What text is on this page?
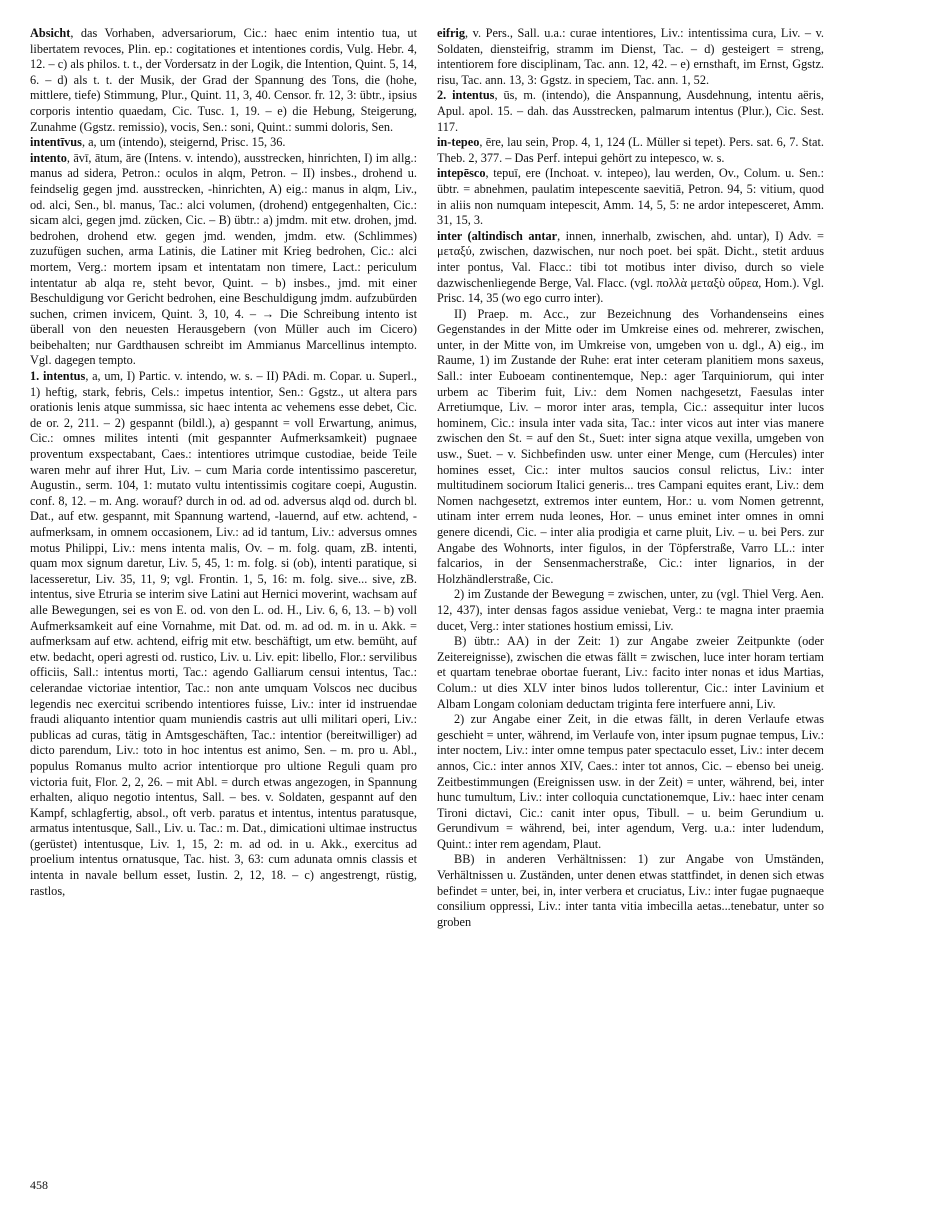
Absicht, das Vorhaben, adversariorum, Cic.: haec enim intentio tua, ut libertatem revoces, Plin. ep.: cogitationes et intentiones cordis, Vulg. Hebr. 4, 12. – c) als philos. t. t., der Vordersatz in der Logik, die Intention, Quint. 5, 14, 6. – d) als t. t. der Musik, der Grad der Spannung des Tons, die (hohe, mittlere, tiefe) Stimmung, Plur., Quint. 11, 3, 40. Censor. fr. 12, 3: übtr., ipsius corporis intentio quaedam, Cic. Tusc. 1, 19. – e) die Hebung, Steigerung, Zunahme (Ggstz. remissio), vocis, Sen.: soni, Quint.: summi doloris, Sen.

intentīvus, a, um (intendo), steigernd, Prisc. 15, 36.

intento, āvī, ātum, āre (Intens. v. intendo), ausstrecken, hinrichten, I) im allg.: manus ad sidera, Petron.: oculos in alqm, Petron. – II) insbes., drohend u. feindselig gegen jmd. ausstrecken, -hinrichten, A) eig.: manus in alqm, Liv., od. alci, Sen., bl. manus, Tac.: alci volumen, (drohend) entgegenhalten, Cic.: sicam alci, gegen jmd. zücken, Cic. – B) übtr.: a) jmdm. mit etw. drohen, jmd. bedrohen, drohend etw. gegen jmd. wenden, jmdm. etw. (Schlimmes) zuzufügen suchen, arma Latinis, die Latiner mit Krieg bedrohen, Cic.: alci mortem, Verg.: mortem ipsam et intentatam non timere, Lact.: periculum intentatur ab alqa re, steht bevor, Quint. – b) insbes., jmd. mit einer Beschuldigung vor Gericht bedrohen, eine Beschuldigung jmdm. aufzubürden suchen, crimen invicem, Quint. 3, 10, 4. – → Die Schreibung intento ist überall von den neuesten Herausgebern (von Müller auch im Cicero) beibehalten; nur Gardthausen schreibt im Ammianus Marcellinus intempto. Vgl. dagegen tempto.

1. intentus, a, um, I) Partic. v. intendo, w. s. – II) PAdi. m. Copar. u. Superl., 1) heftig, stark, febris, Cels.: impetus intentior, Sen.: Ggstz., ut altera pars orationis lenis atque summissa, sic haec intenta ac vehemens esse debet, Cic. de or. 2, 211. – 2) gespannt (bildl.), a) gespannt = voll Erwartung, animus, Cic.: omnes milites intenti (mit gespannter Aufmerksamkeit) pugnaee proventum exspectabant, Caes.: intentiores utrimque custodiae, beide Teile waren mehr auf ihrer Hut, Liv. – cum Maria corde intentissimo pasceretur, Augustin., serm. 104, 1: mutato vultu intentissimis cogitare coepi, Augustin. conf. 8, 12. – m. Ang. worauf? durch in od. ad od. adversus alqd od. durch bl. Dat., auf etw. gespannt, mit Spannung wartend, -lauernd, auf etw. achtend, -aufmerksam, in omnem occasionem, Liv.: ad id tantum, Liv.: adversus omnes motus Philippi, Liv.: mens intenta malis, Ov. – m. folg. quam, zB. intenti, quam mox signum daretur, Liv. 5, 45, 1: m. folg. si (ob), intenti paratique, si lacesseretur, Liv. 35, 11, 9; vgl. Frontin. 1, 5, 16: m. folg. sive... sive, zB. intentus, sive Etruria se interim sive Latini aut Hernici moverint, wachsam auf alle Bewegungen, sei es von E. od. von den L. od. H., Liv. 6, 6, 13. – b) voll Aufmerksamkeit auf eine Vornahme, mit Dat. od. m. ad od. m. in u. Akk. = aufmerksam auf etw. achtend, eifrig mit etw. beschäftigt, um etw. bemüht, auf etw. bedacht, operi agresti od. rustico, Liv. u. Liv. epit: libello, Flor.: servilibus officiis, Sall.: intentus morti, Tac.: agendo Galliarum censui intentus, Tac.: celerandae victoriae intentior, Tac.: non ante umquam Volscos nec ducibus legendis nec exercitui scribendo intentiores fuisse, Liv.: inter id instruendae fraudi aliquanto intentior quam muniendis castris aut ulli militari operi, Liv.: publicas ad curas, tätig in Amtsgeschäften, Tac.: intentior (bereitwilliger) ad dicto parendum, Liv.: toto in hoc intentus est animo, Sen. – m. pro u. Abl., populus Romanus multo acrior intentiorque pro ultione Reguli quam pro victoria fuit, Flor. 2, 2, 26. – mit Abl. = durch etwas angezogen, in Spannung erhalten, aliquo negotio intentus, Sall. – bes. v. Soldaten, gespannt auf den Kampf, schlagfertig, absol., oft verb. paratus et intentus, intentus paratusque, armatus intentusque, Sall., Liv. u. Tac.: m. Dat., dimicationi ultimae instructus (gerüstet) intentusque, Liv. 1, 15, 2: m. ad od. in u. Akk., exercitus ad proelium intentus ornatusque, Tac. hist. 3, 63: cum adunata omnis classis et intenta in navale bellum esset, Iustin. 2, 12, 18. – c) angestrengt, rüstig, rastlos,

eifrig, v. Pers., Sall. u.a.: curae intentiores, Liv.: intentissima cura, Liv. – v. Soldaten, diensteifrig, stramm im Dienst, Tac. – d) gesteigert = streng, intentiorem fore disciplinam, Tac. ann. 12, 42. – e) ernsthaft, im Ernst, Ggstz. risu, Tac. ann. 13, 3: Ggstz. in speciem, Tac. ann. 1, 52.

2. intentus, ūs, m. (intendo), die Anspannung, Ausdehnung, intentu aëris, Apul. apol. 15. – dah. das Ausstrecken, palmarum intentus (Plur.), Cic. Sest. 117.

in-tepeo, ēre, lau sein, Prop. 4, 1, 124 (L. Müller si tepet). Pers. sat. 6, 7. Stat. Theb. 2, 377. – Das Perf. intepui gehört zu intepesco, w. s.

intepēsco, tepuī, ere (Inchoat. v. intepeo), lau werden, Ov., Colum. u. Sen.: übtr. = abnehmen, paulatim intepescente saevitiā, Petron. 94, 5: vitium, quod in aliis non numquam intepescit, Amm. 14, 5, 5: ne ardor intepesceret, Amm. 31, 15, 3.

inter (altindisch antar, innen, innerhalb, zwischen, ahd. untar), I) Adv. = μεταξύ, zwischen, dazwischen, nur noch poet. bei spät. Dicht., stetit arduus inter pontus, Val. Flacc.: tibi tot motibus inter diviso, durch so viele dazwischenliegende Berge, Val. Flacc. (vgl. πολλὰ μεταξὺ οὔρεα, Hom.). Vgl. Prisc. 14, 35 (wo ego curro inter).

II) Praep. m. Acc., zur Bezeichnung des Vorhandenseins eines Gegenstandes in der Mitte oder im Umkreise eines od. mehrerer, zwischen, unter, in der Mitte von, im Umkreise von, umgeben von u. dgl., A) eig., im Raume, 1) im Zustande der Ruhe: erat inter ceteram planitiem mons saxeus, Sall.: inter Euboeam continentemque, Nep.: ager Tarquiniorum, qui inter urbem ac Tiberim fuit, Liv.: dem Nomen nachgesetzt, Faesulas inter Arretiumque, Liv. – moror inter aras, templa, Cic.: assequitur inter lucos hominem, Cic.: insula inter vada sita, Tac.: inter vicos aut inter vias manere zwischen den St. = auf den St., Suet: inter signa atque vexilla, umgeben von usw., Suet. – v. Sichbefinden usw. unter einer Menge, cum (Hercules) inter homines esset, Cic.: inter multos saucios consul relictus, Liv.: inter multitudinem sociorum Italici generis... tres Campani equites erant, Liv.: dem Nomen nachgesetzt, extremos inter euntem, Hor.: u. vom Nomen getrennt, utinam inter errem nuda leones, Hor. – unus eminet inter omnes in omni genere dicendi, Cic. – inter alia prodigia et carne pluit, Liv. – u. bei Pers. zur Angabe des Wohnorts, inter figulos, in der Töpferstraße, Varro LL.: inter falcarios, in der Sensenmacherstraße, Cic.: inter lignarios, in der Holzhändlerstraße, Cic.

2) im Zustande der Bewegung = zwischen, unter, zu (vgl. Thiel Verg. Aen. 12, 437), inter densas fagos assidue veniebat, Verg.: te magna inter praemia ducet, Verg.: inter stationes hostium emissi, Liv.

B) übtr.: AA) in der Zeit: 1) zur Angabe zweier Zeitpunkte (oder Zeitereignisse), zwischen die etwas fällt = zwischen, luce inter horam tertiam et quartam tenebrae obortae fuerant, Liv.: facito inter nonas et idus Martias, Colum.: ut dies XLV inter binos ludos tollerentur, Cic.: inter Lavinium et Albam Longam coloniam deductam triginta fere interfuere anni, Liv.

2) zur Angabe einer Zeit, in die etwas fällt, in deren Verlaufe etwas geschieht = unter, während, im Verlaufe von, inter ipsum pugnae tempus, Liv.: inter noctem, Liv.: inter omne tempus pater spectaculo esset, Liv.: inter decem annos, Cic.: inter annos XIV, Caes.: inter tot annos, Cic. – ebenso bei uneig. Zeitbestimmungen (Ereignissen usw. in der Zeit) = unter, während, bei, inter hunc tumultum, Liv.: inter colloquia cunctationemque, Liv.: haec inter cenam Tironi dictavi, Cic.: canit inter opus, Tibull. – u. beim Gerundium u. Gerundivum = während, bei, inter agendum, Verg. u.a.: inter ludendum, Quint.: inter rem agendam, Plaut.

BB) in anderen Verhältnissen: 1) zur Angabe von Umständen, Verhältnissen u. Zuständen, unter denen etwas stattfindet, in denen sich etwas befindet = unter, bei, in, inter verbera et cruciatus, Liv.: inter fugae pugnaeque consilium oppressi, Liv.: inter tanta vitia imbecilla aetas...tenebatur, unter so groben

458
